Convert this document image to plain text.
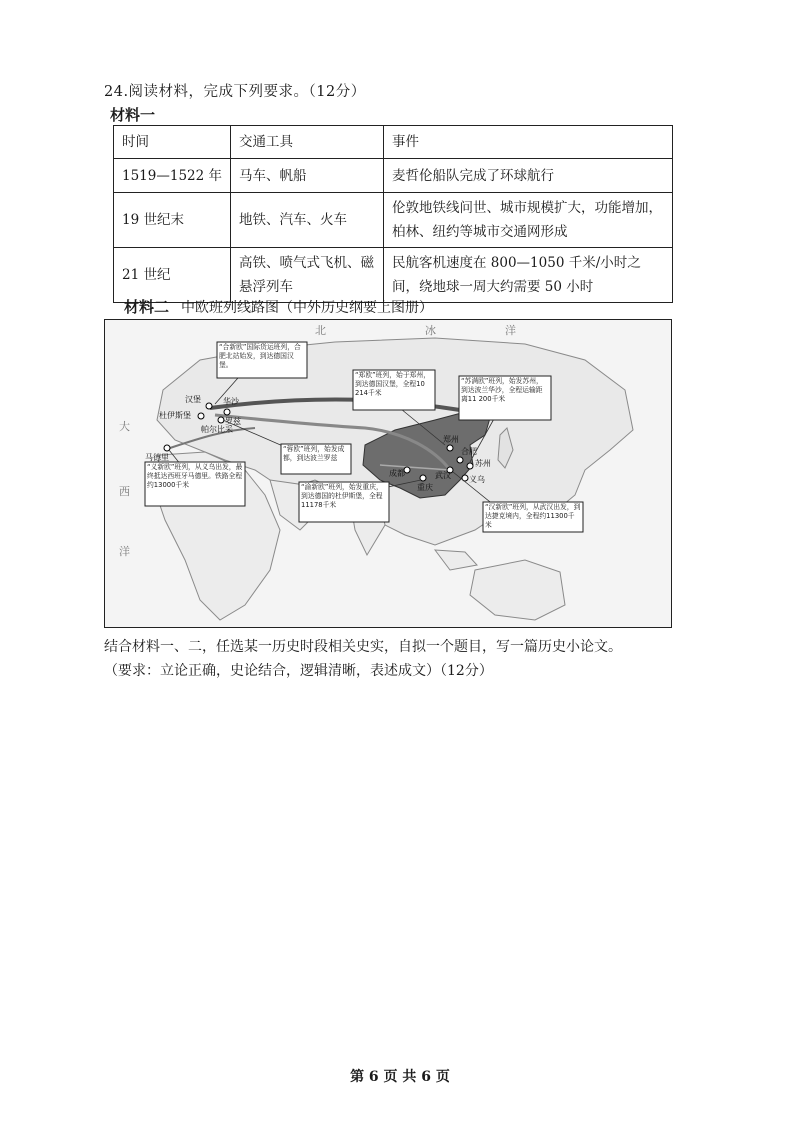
24.阅读材料，完成下列要求。（12分）
材料一
时间	交通工具	事件
1519—1522 年	马车、帆船	麦哲伦船队完成了环球航行
19 世纪末	地铁、汽车、火车	伦敦地铁线问世、城市规模扩大，功能增加，柏林、纽约等城市交通网形成
21 世纪	高铁、喷气式飞机、磁悬浮列车	民航客机速度在 800—1050 千米/小时之间，绕地球一周大约需要 50 小时
材料二 中欧班列线路图（中外历史纲要上图册）
大
西
洋
北	冰	洋
汉堡	华沙
杜伊斯堡
罗兹
帕尔比采
马德里
成都
重庆
郑州
合肥
苏州
武汉 义乌
“合新欧”国际货运班列，合肥北站始发，到达德国汉堡。
“郑欧”班列，始于郑州，到达德国汉堡，全程10 214千米
“苏满欧”班列，始发苏州，到达波兰华沙，全程运输距离11 200千米
“蓉欧”班列，始发成都，到达波兰罗兹
“义新欧”班列，从义乌出发，最终抵达西班牙马德里。铁路全程约13000千米	“渝新欧”班列，始发重庆，到达德国的杜伊斯堡，全程11178千米	“汉新欧”班列，从武汉出发，到达捷克境内，全程约11300千米
结合材料一、二，任选某一历史时段相关史实，自拟一个题目，写一篇历史小论文。
（要求：立论正确，史论结合，逻辑清晰，表述成文）（12分）
第 6 页 共 6 页
